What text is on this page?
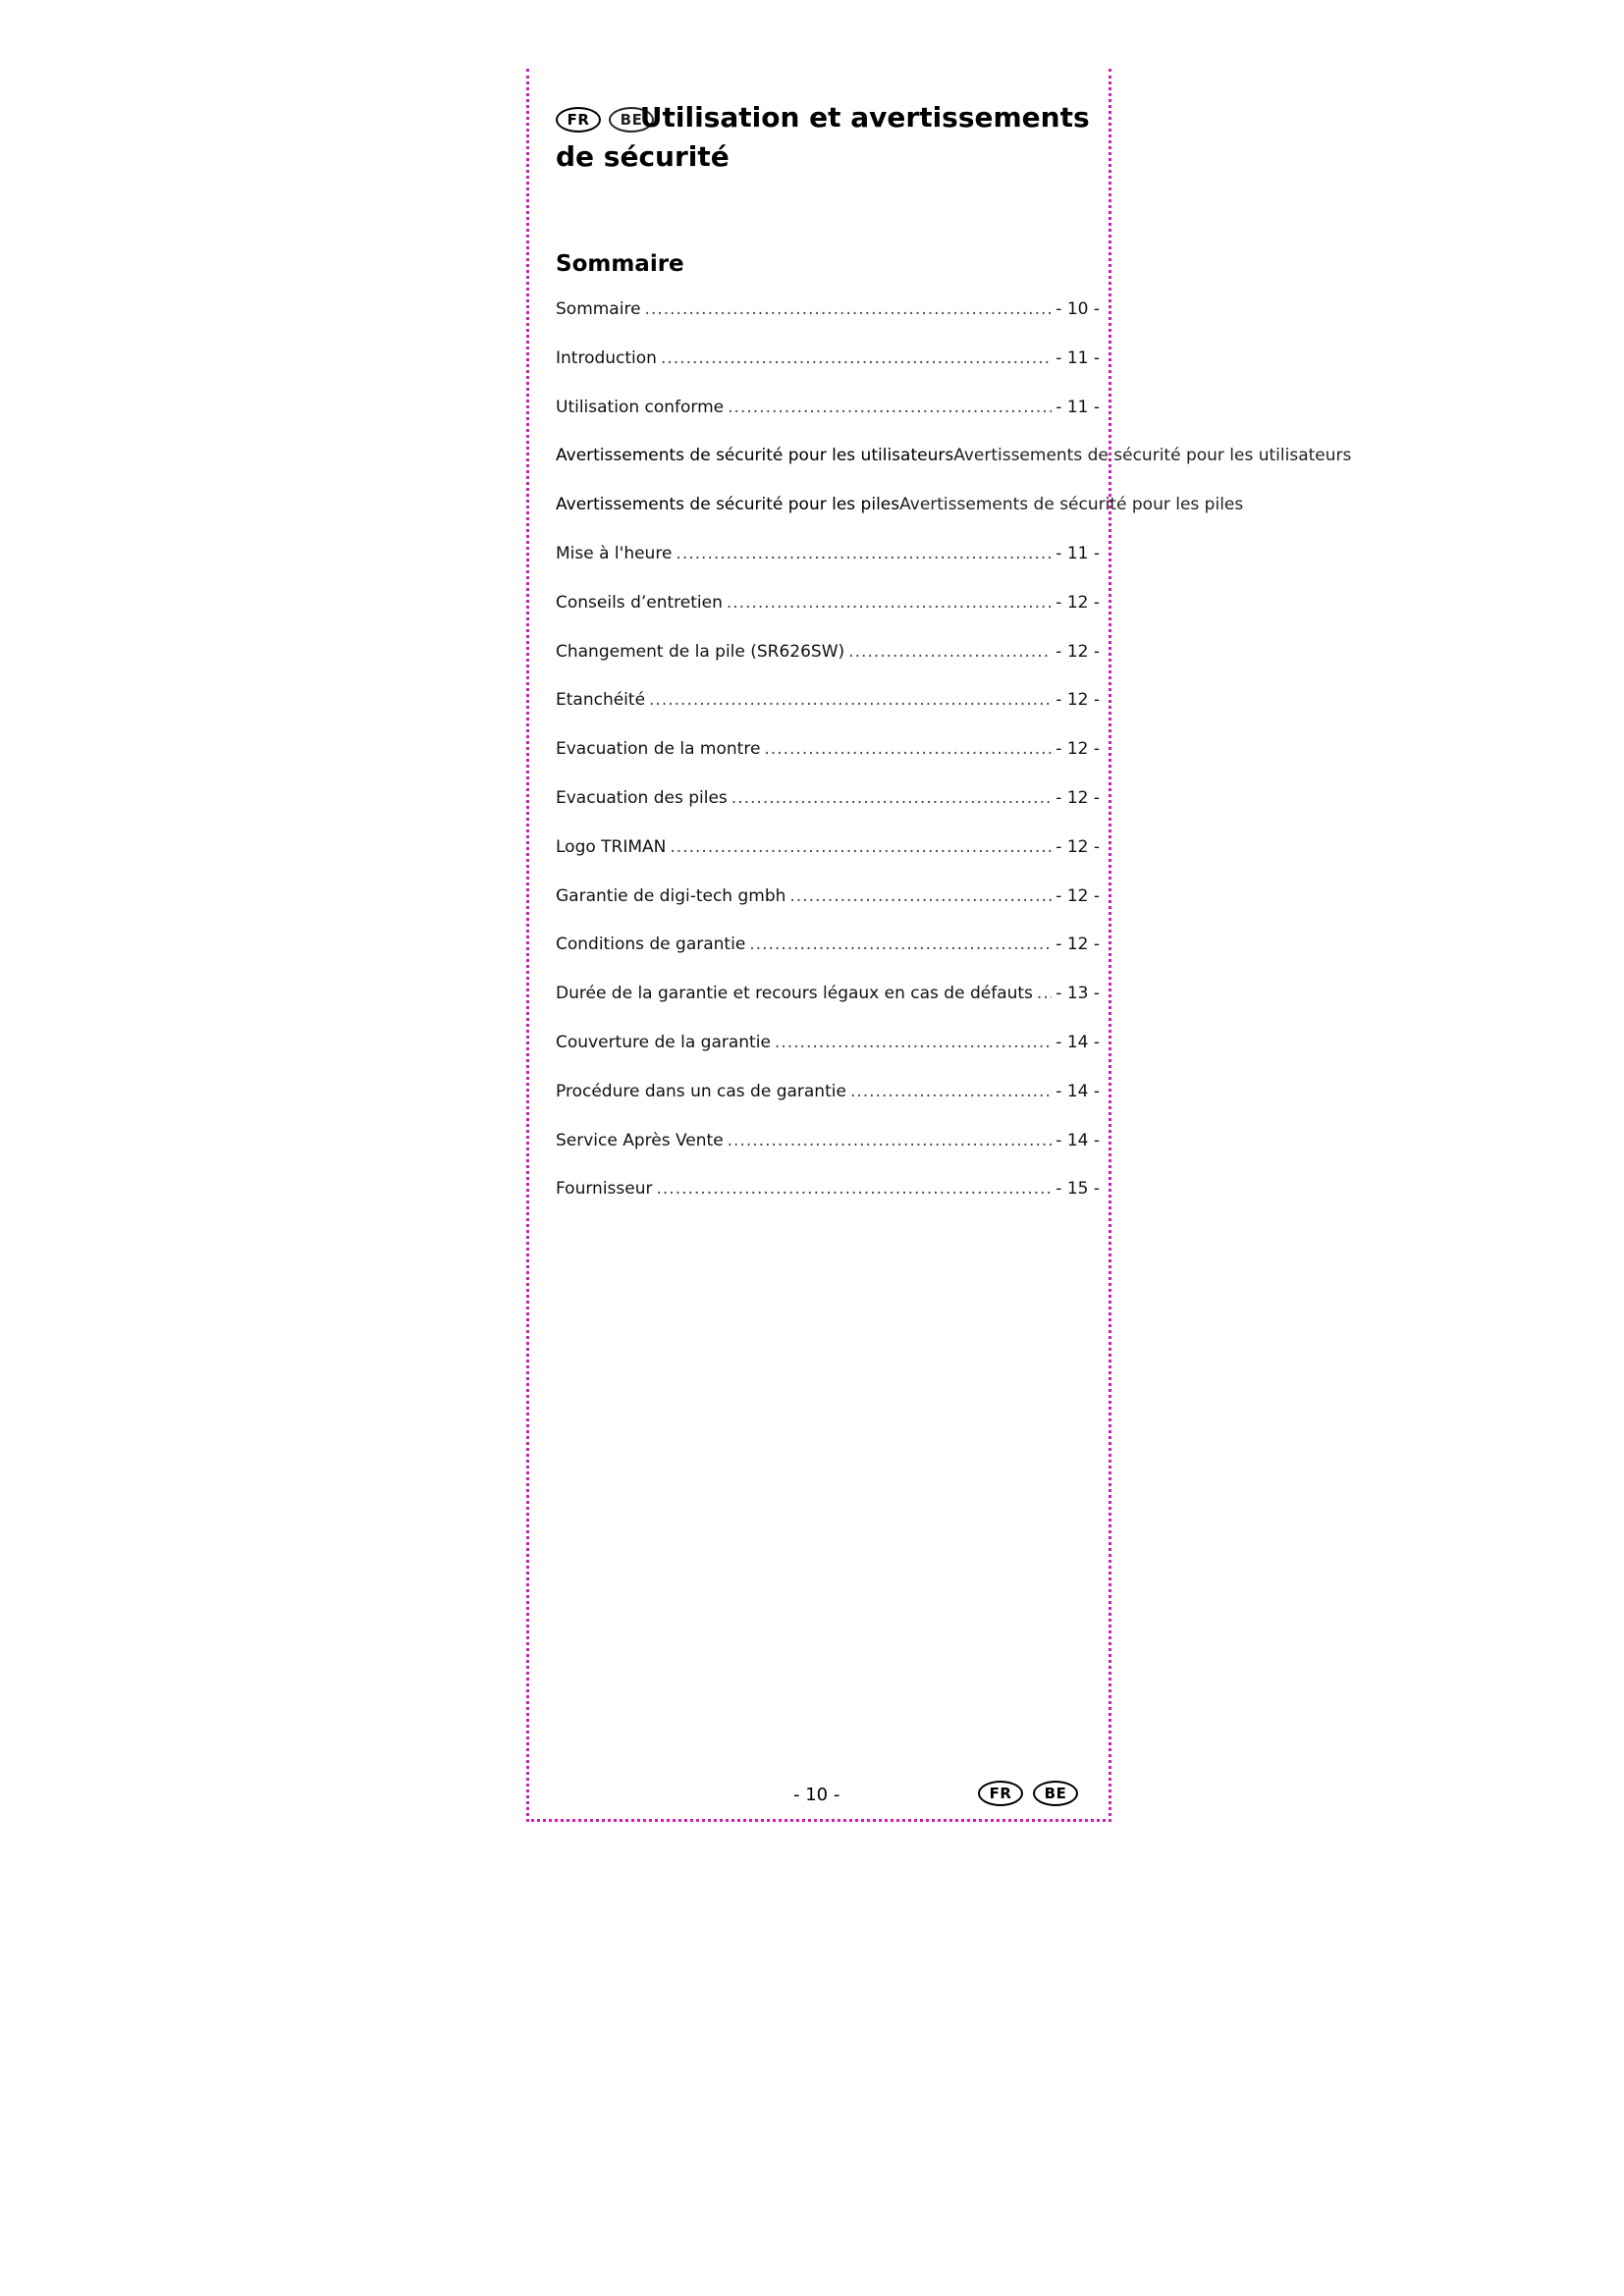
FR	BE
Utilisation et avertissements de sécurité
Sommaire
Sommaire .....	- 10 -
Introduction .....	- 11 -
Utilisation conforme .....	- 11 -
Avertissements de sécurité pour les utilisateurs Avertissements de sécurité pour les utilisateurs
Avertissements de sécurité pour les piles Avertissements de sécurité pour les piles
Mise à l'heure .....	- 11 -
Conseils d’entretien .....	- 12 -
Changement de la pile (SR626SW) .....	- 12 -
Etanchéité .....	- 12 -
Evacuation de la montre .....	- 12 -
Evacuation des piles .....	- 12 -
Logo TRIMAN .....	- 12 -
Garantie de digi-tech gmbh .....	- 12 -
Conditions de garantie .....	- 12 -
Durée de la garantie et recours légaux en cas de défauts ..... - 13 -
Couverture de la garantie .....	- 14 -
Procédure dans un cas de garantie .....	- 14 -
Service Après Vente .....	- 14 -
Fournisseur .....	- 15 -
- 10 -	FR	BE
